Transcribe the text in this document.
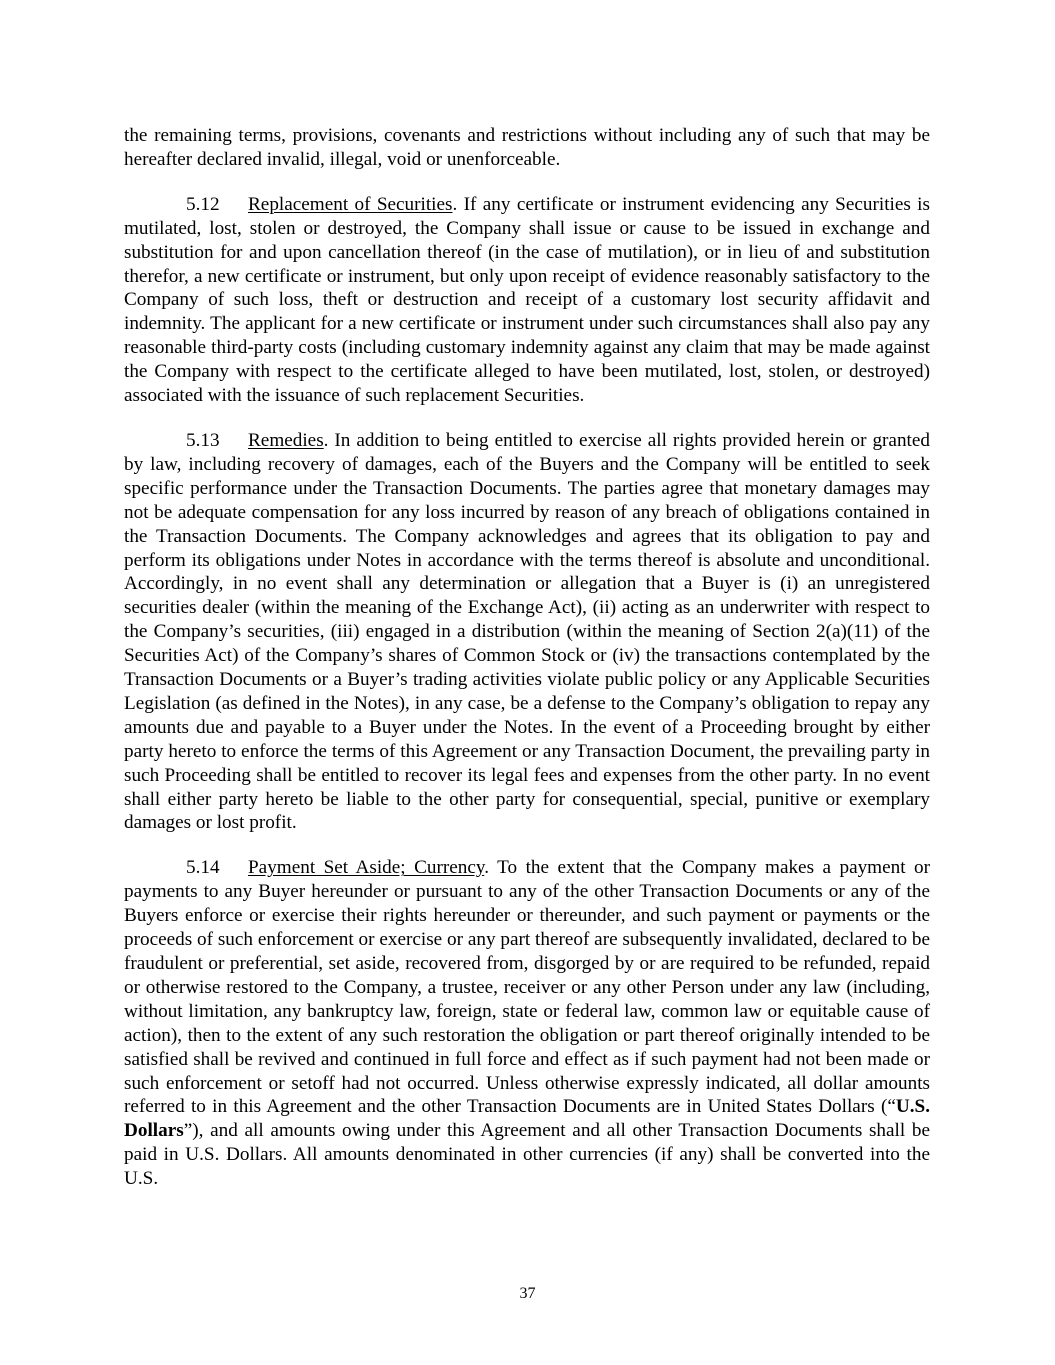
the remaining terms, provisions, covenants and restrictions without including any of such that may be hereafter declared invalid, illegal, void or unenforceable.

5.12 Replacement of Securities. If any certificate or instrument evidencing any Securities is mutilated, lost, stolen or destroyed, the Company shall issue or cause to be issued in exchange and substitution for and upon cancellation thereof (in the case of mutilation), or in lieu of and substitution therefor, a new certificate or instrument, but only upon receipt of evidence reasonably satisfactory to the Company of such loss, theft or destruction and receipt of a customary lost security affidavit and indemnity. The applicant for a new certificate or instrument under such circumstances shall also pay any reasonable third-party costs (including customary indemnity against any claim that may be made against the Company with respect to the certificate alleged to have been mutilated, lost, stolen, or destroyed) associated with the issuance of such replacement Securities.

5.13 Remedies. In addition to being entitled to exercise all rights provided herein or granted by law, including recovery of damages, each of the Buyers and the Company will be entitled to seek specific performance under the Transaction Documents. The parties agree that monetary damages may not be adequate compensation for any loss incurred by reason of any breach of obligations contained in the Transaction Documents. The Company acknowledges and agrees that its obligation to pay and perform its obligations under Notes in accordance with the terms thereof is absolute and unconditional. Accordingly, in no event shall any determination or allegation that a Buyer is (i) an unregistered securities dealer (within the meaning of the Exchange Act), (ii) acting as an underwriter with respect to the Company’s securities, (iii) engaged in a distribution (within the meaning of Section 2(a)(11) of the Securities Act) of the Company’s shares of Common Stock or (iv) the transactions contemplated by the Transaction Documents or a Buyer’s trading activities violate public policy or any Applicable Securities Legislation (as defined in the Notes), in any case, be a defense to the Company’s obligation to repay any amounts due and payable to a Buyer under the Notes. In the event of a Proceeding brought by either party hereto to enforce the terms of this Agreement or any Transaction Document, the prevailing party in such Proceeding shall be entitled to recover its legal fees and expenses from the other party. In no event shall either party hereto be liable to the other party for consequential, special, punitive or exemplary damages or lost profit.

5.14 Payment Set Aside; Currency. To the extent that the Company makes a payment or payments to any Buyer hereunder or pursuant to any of the other Transaction Documents or any of the Buyers enforce or exercise their rights hereunder or thereunder, and such payment or payments or the proceeds of such enforcement or exercise or any part thereof are subsequently invalidated, declared to be fraudulent or preferential, set aside, recovered from, disgorged by or are required to be refunded, repaid or otherwise restored to the Company, a trustee, receiver or any other Person under any law (including, without limitation, any bankruptcy law, foreign, state or federal law, common law or equitable cause of action), then to the extent of any such restoration the obligation or part thereof originally intended to be satisfied shall be revived and continued in full force and effect as if such payment had not been made or such enforcement or setoff had not occurred. Unless otherwise expressly indicated, all dollar amounts referred to in this Agreement and the other Transaction Documents are in United States Dollars (“U.S. Dollars”), and all amounts owing under this Agreement and all other Transaction Documents shall be paid in U.S. Dollars. All amounts denominated in other currencies (if any) shall be converted into the U.S.

37
